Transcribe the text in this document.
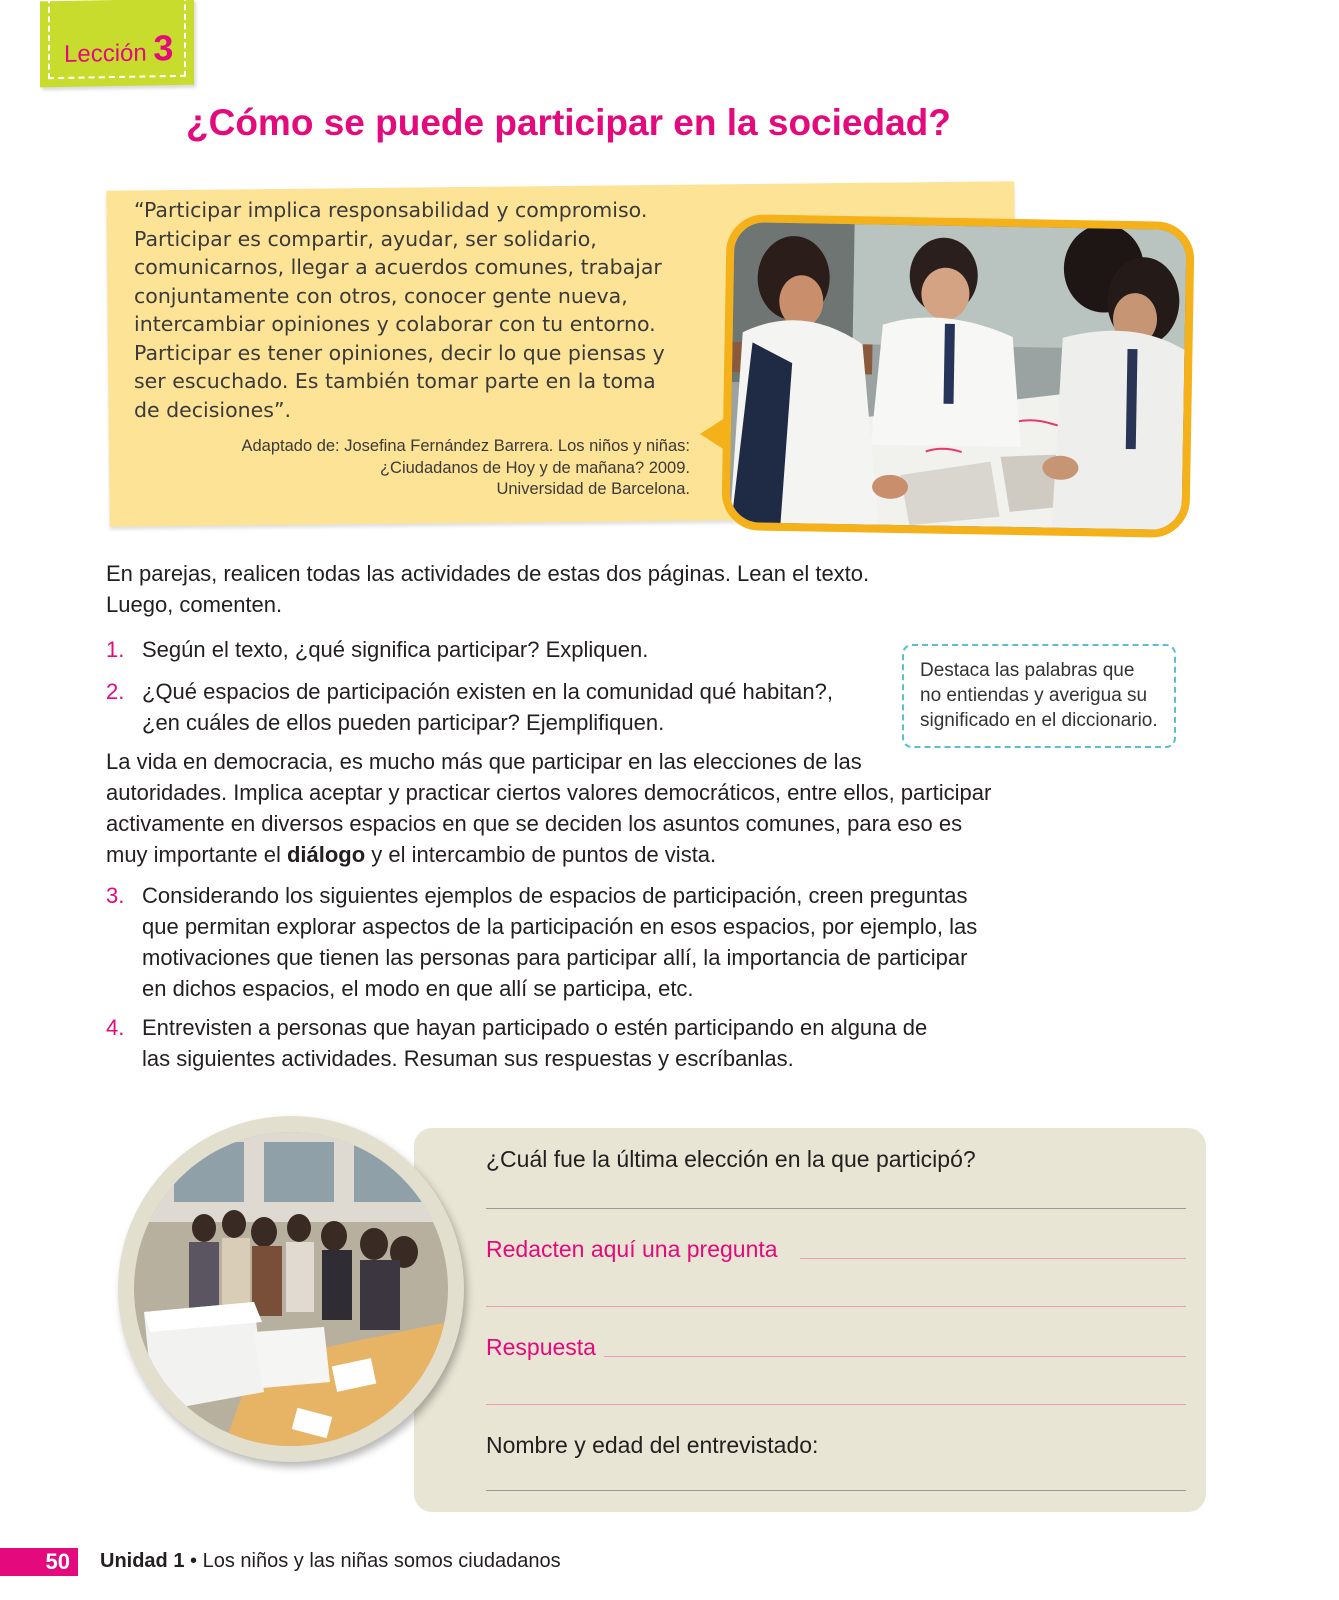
Lección 3
¿Cómo se puede participar en la sociedad?
“Participar implica responsabilidad y compromiso.
Participar es compartir, ayudar, ser solidario,
comunicarnos, llegar a acuerdos comunes, trabajar
conjuntamente con otros, conocer gente nueva,
intercambiar opiniones y colaborar con tu entorno.
Participar es tener opiniones, decir lo que piensas y
ser escuchado. Es también tomar parte en la toma
de decisiones”.
Adaptado de: Josefina Fernández Barrera. Los niños y niñas:
¿Ciudadanos de Hoy y de mañana? 2009.
Universidad de Barcelona.
En parejas, realicen todas las actividades de estas dos páginas. Lean el texto.
Luego, comenten.
1. Según el texto, ¿qué significa participar? Expliquen.
2. ¿Qué espacios de participación existen en la comunidad qué habitan?,
¿en cuáles de ellos pueden participar? Ejemplifiquen.
Destaca las palabras que
no entiendas y averigua su
significado en el diccionario.
La vida en democracia, es mucho más que participar en las elecciones de las
autoridades. Implica aceptar y practicar ciertos valores democráticos, entre ellos, participar
activamente en diversos espacios en que se deciden los asuntos comunes, para eso es
muy importante el diálogo y el intercambio de puntos de vista.
3. Considerando los siguientes ejemplos de espacios de participación, creen preguntas
que permitan explorar aspectos de la participación en esos espacios, por ejemplo, las
motivaciones que tienen las personas para participar allí, la importancia de participar
en dichos espacios, el modo en que allí se participa, etc.
4. Entrevisten a personas que hayan participado o estén participando en alguna de
las siguientes actividades. Resuman sus respuestas y escríbanlas.
¿Cuál fue la última elección en la que participó?
Redacten aquí una pregunta
Respuesta
Nombre y edad del entrevistado:
50	Unidad 1 • Los niños y las niñas somos ciudadanos
